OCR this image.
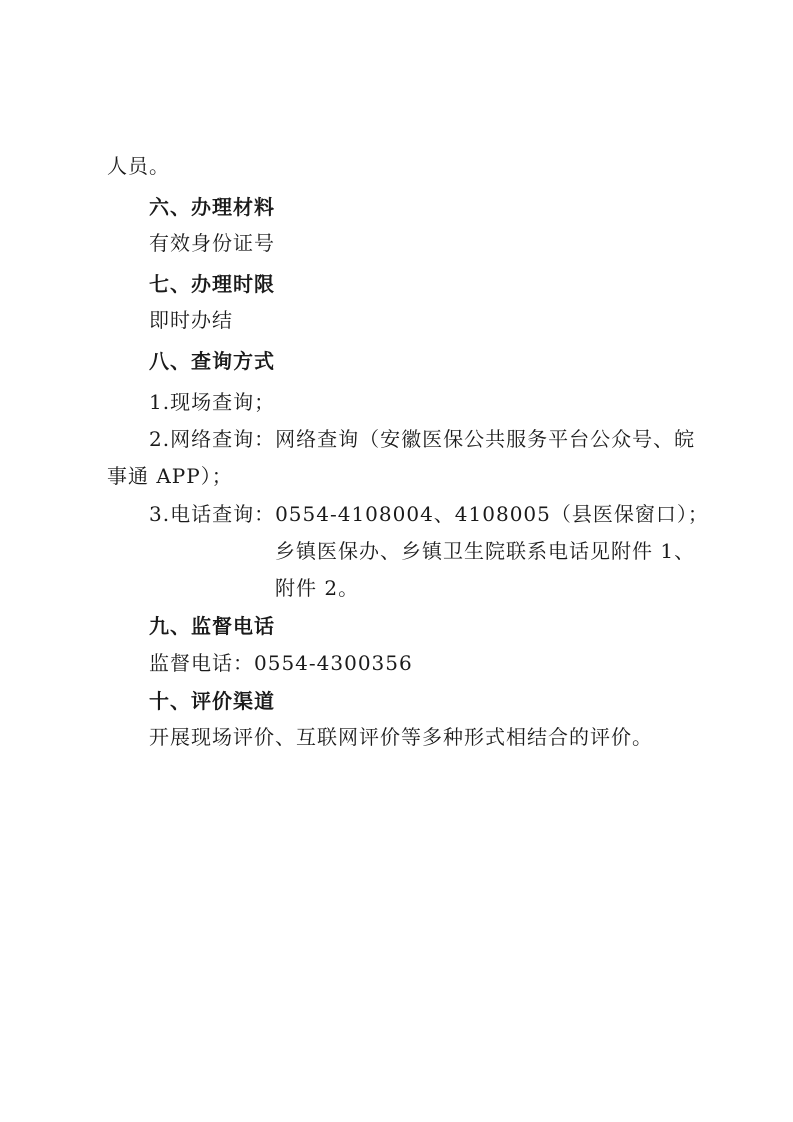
人员。
六、办理材料
有效身份证号
七、办理时限
即时办结
八、查询方式
1.现场查询；
2.网络查询：网络查询（安徽医保公共服务平台公众号、皖
事通 APP）；
3.电话查询：0554-4108004、4108005（县医保窗口）；
乡镇医保办、乡镇卫生院联系电话见附件 1、
附件 2。
九、监督电话
监督电话：0554-4300356
十、评价渠道
开展现场评价、互联网评价等多种形式相结合的评价。
